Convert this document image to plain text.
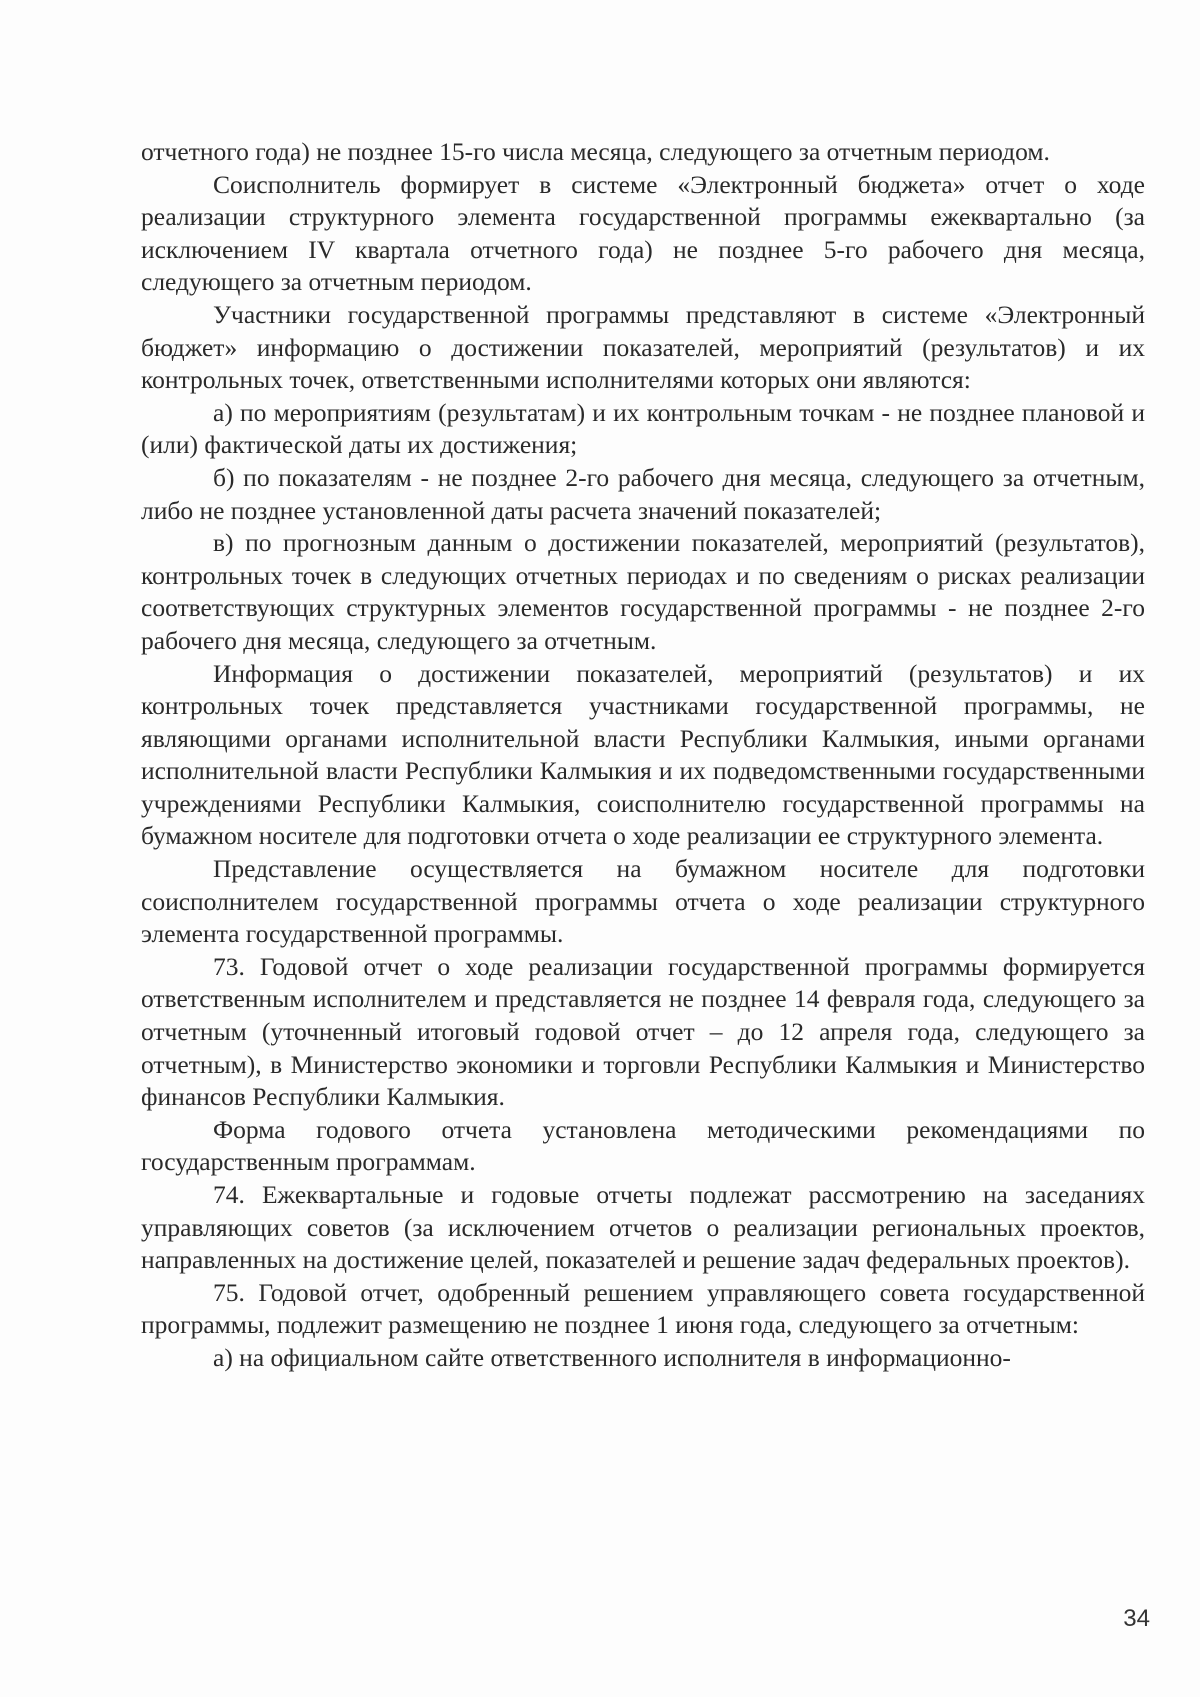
отчетного года) не позднее 15-го числа месяца, следующего за отчетным периодом.

Соисполнитель формирует в системе «Электронный бюджета» отчет о ходе реализации структурного элемента государственной программы ежеквартально (за исключением IV квартала отчетного года) не позднее 5-го рабочего дня месяца, следующего за отчетным периодом.

Участники государственной программы представляют в системе «Электронный бюджет» информацию о достижении показателей, мероприятий (результатов) и их контрольных точек, ответственными исполнителями которых они являются:

а) по мероприятиям (результатам) и их контрольным точкам - не позднее плановой и (или) фактической даты их достижения;

б) по показателям - не позднее 2-го рабочего дня месяца, следующего за отчетным, либо не позднее установленной даты расчета значений показателей;

в) по прогнозным данным о достижении показателей, мероприятий (результатов), контрольных точек в следующих отчетных периодах и по сведениям о рисках реализации соответствующих структурных элементов государственной программы - не позднее 2-го рабочего дня месяца, следующего за отчетным.

Информация о достижении показателей, мероприятий (результатов) и их контрольных точек представляется участниками государственной программы, не являющими органами исполнительной власти Республики Калмыкия, иными органами исполнительной власти Республики Калмыкия и их подведомственными государственными учреждениями Республики Калмыкия, соисполнителю государственной программы на бумажном носителе для подготовки отчета о ходе реализации ее структурного элемента.

Представление осуществляется на бумажном носителе для подготовки соисполнителем государственной программы отчета о ходе реализации структурного элемента государственной программы.

73. Годовой отчет о ходе реализации государственной программы формируется ответственным исполнителем и представляется не позднее 14 февраля года, следующего за отчетным (уточненный итоговый годовой отчет – до 12 апреля года, следующего за отчетным), в Министерство экономики и торговли Республики Калмыкия и Министерство финансов Республики Калмыкия.

Форма годового отчета установлена методическими рекомендациями по государственным программам.

74. Ежеквартальные и годовые отчеты подлежат рассмотрению на заседаниях управляющих советов (за исключением отчетов о реализации региональных проектов, направленных на достижение целей, показателей и решение задач федеральных проектов).

75. Годовой отчет, одобренный решением управляющего совета государственной программы, подлежит размещению не позднее 1 июня года, следующего за отчетным:

а) на официальном сайте ответственного исполнителя в информационно-

34
